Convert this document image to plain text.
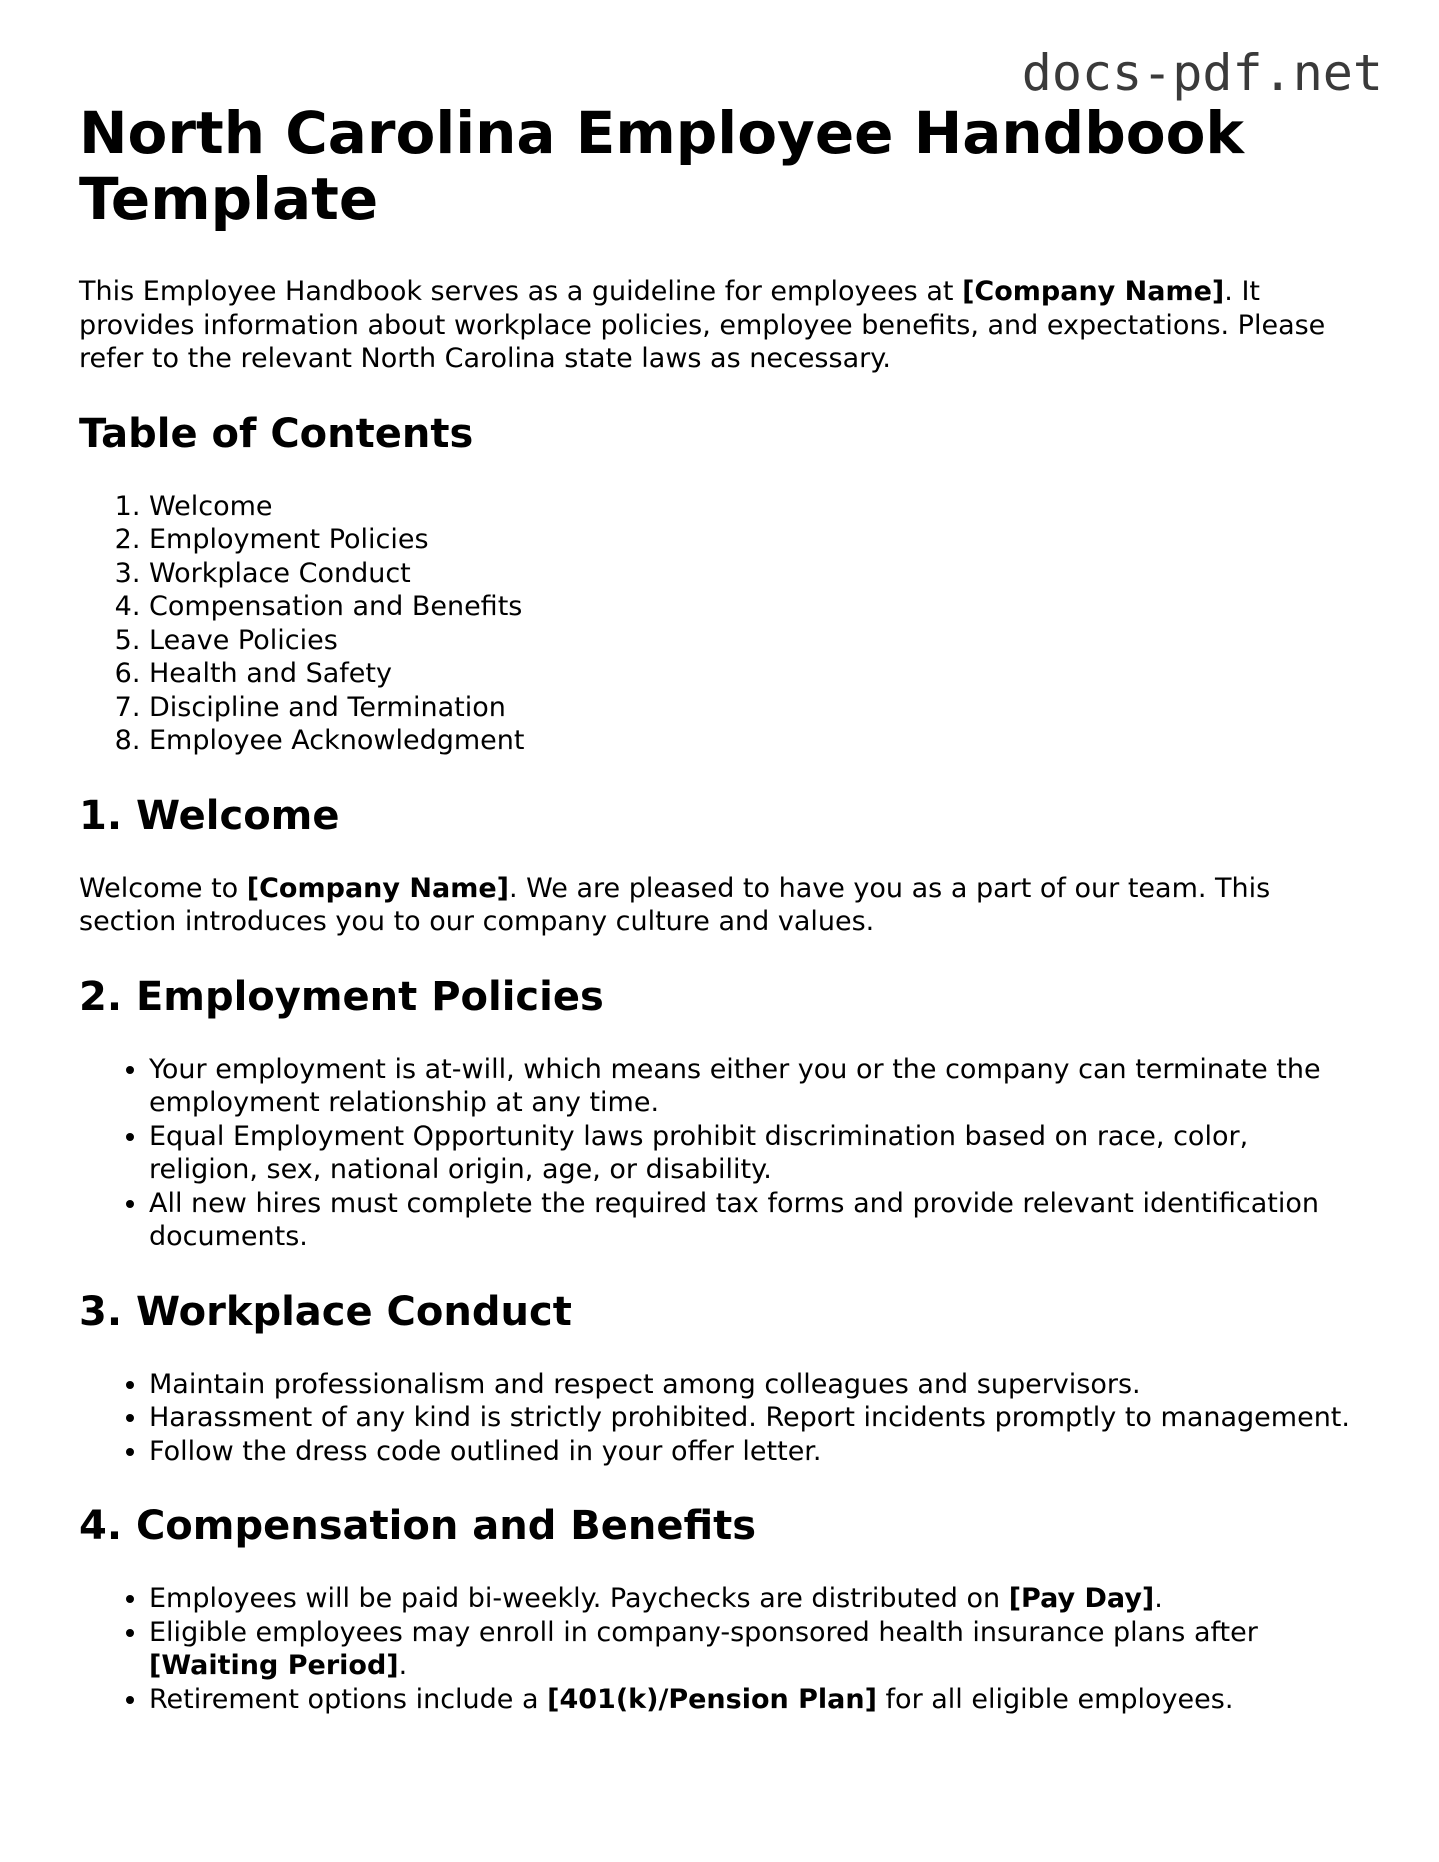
docs-pdf.net
North Carolina Employee Handbook Template

This Employee Handbook serves as a guideline for employees at [Company Name]. It provides information about workplace policies, employee benefits, and expectations. Please refer to the relevant North Carolina state laws as necessary.

Table of Contents
1. Welcome
2. Employment Policies
3. Workplace Conduct
4. Compensation and Benefits
5. Leave Policies
6. Health and Safety
7. Discipline and Termination
8. Employee Acknowledgment
1. Welcome

Welcome to [Company Name]. We are pleased to have you as a part of our team. This section introduces you to our company culture and values.

2. Employment Policies
• Your employment is at-will, which means either you or the company can terminate the employment relationship at any time.
• Equal Employment Opportunity laws prohibit discrimination based on race, color, religion, sex, national origin, age, or disability.
• All new hires must complete the required tax forms and provide relevant identification documents.
3. Workplace Conduct
• Maintain professionalism and respect among colleagues and supervisors.
• Harassment of any kind is strictly prohibited. Report incidents promptly to management.
• Follow the dress code outlined in your offer letter.
4. Compensation and Benefits
• Employees will be paid bi-weekly. Paychecks are distributed on [Pay Day].
• Eligible employees may enroll in company-sponsored health insurance plans after [Waiting Period].
• Retirement options include a [401(k)/Pension Plan] for all eligible employees.
